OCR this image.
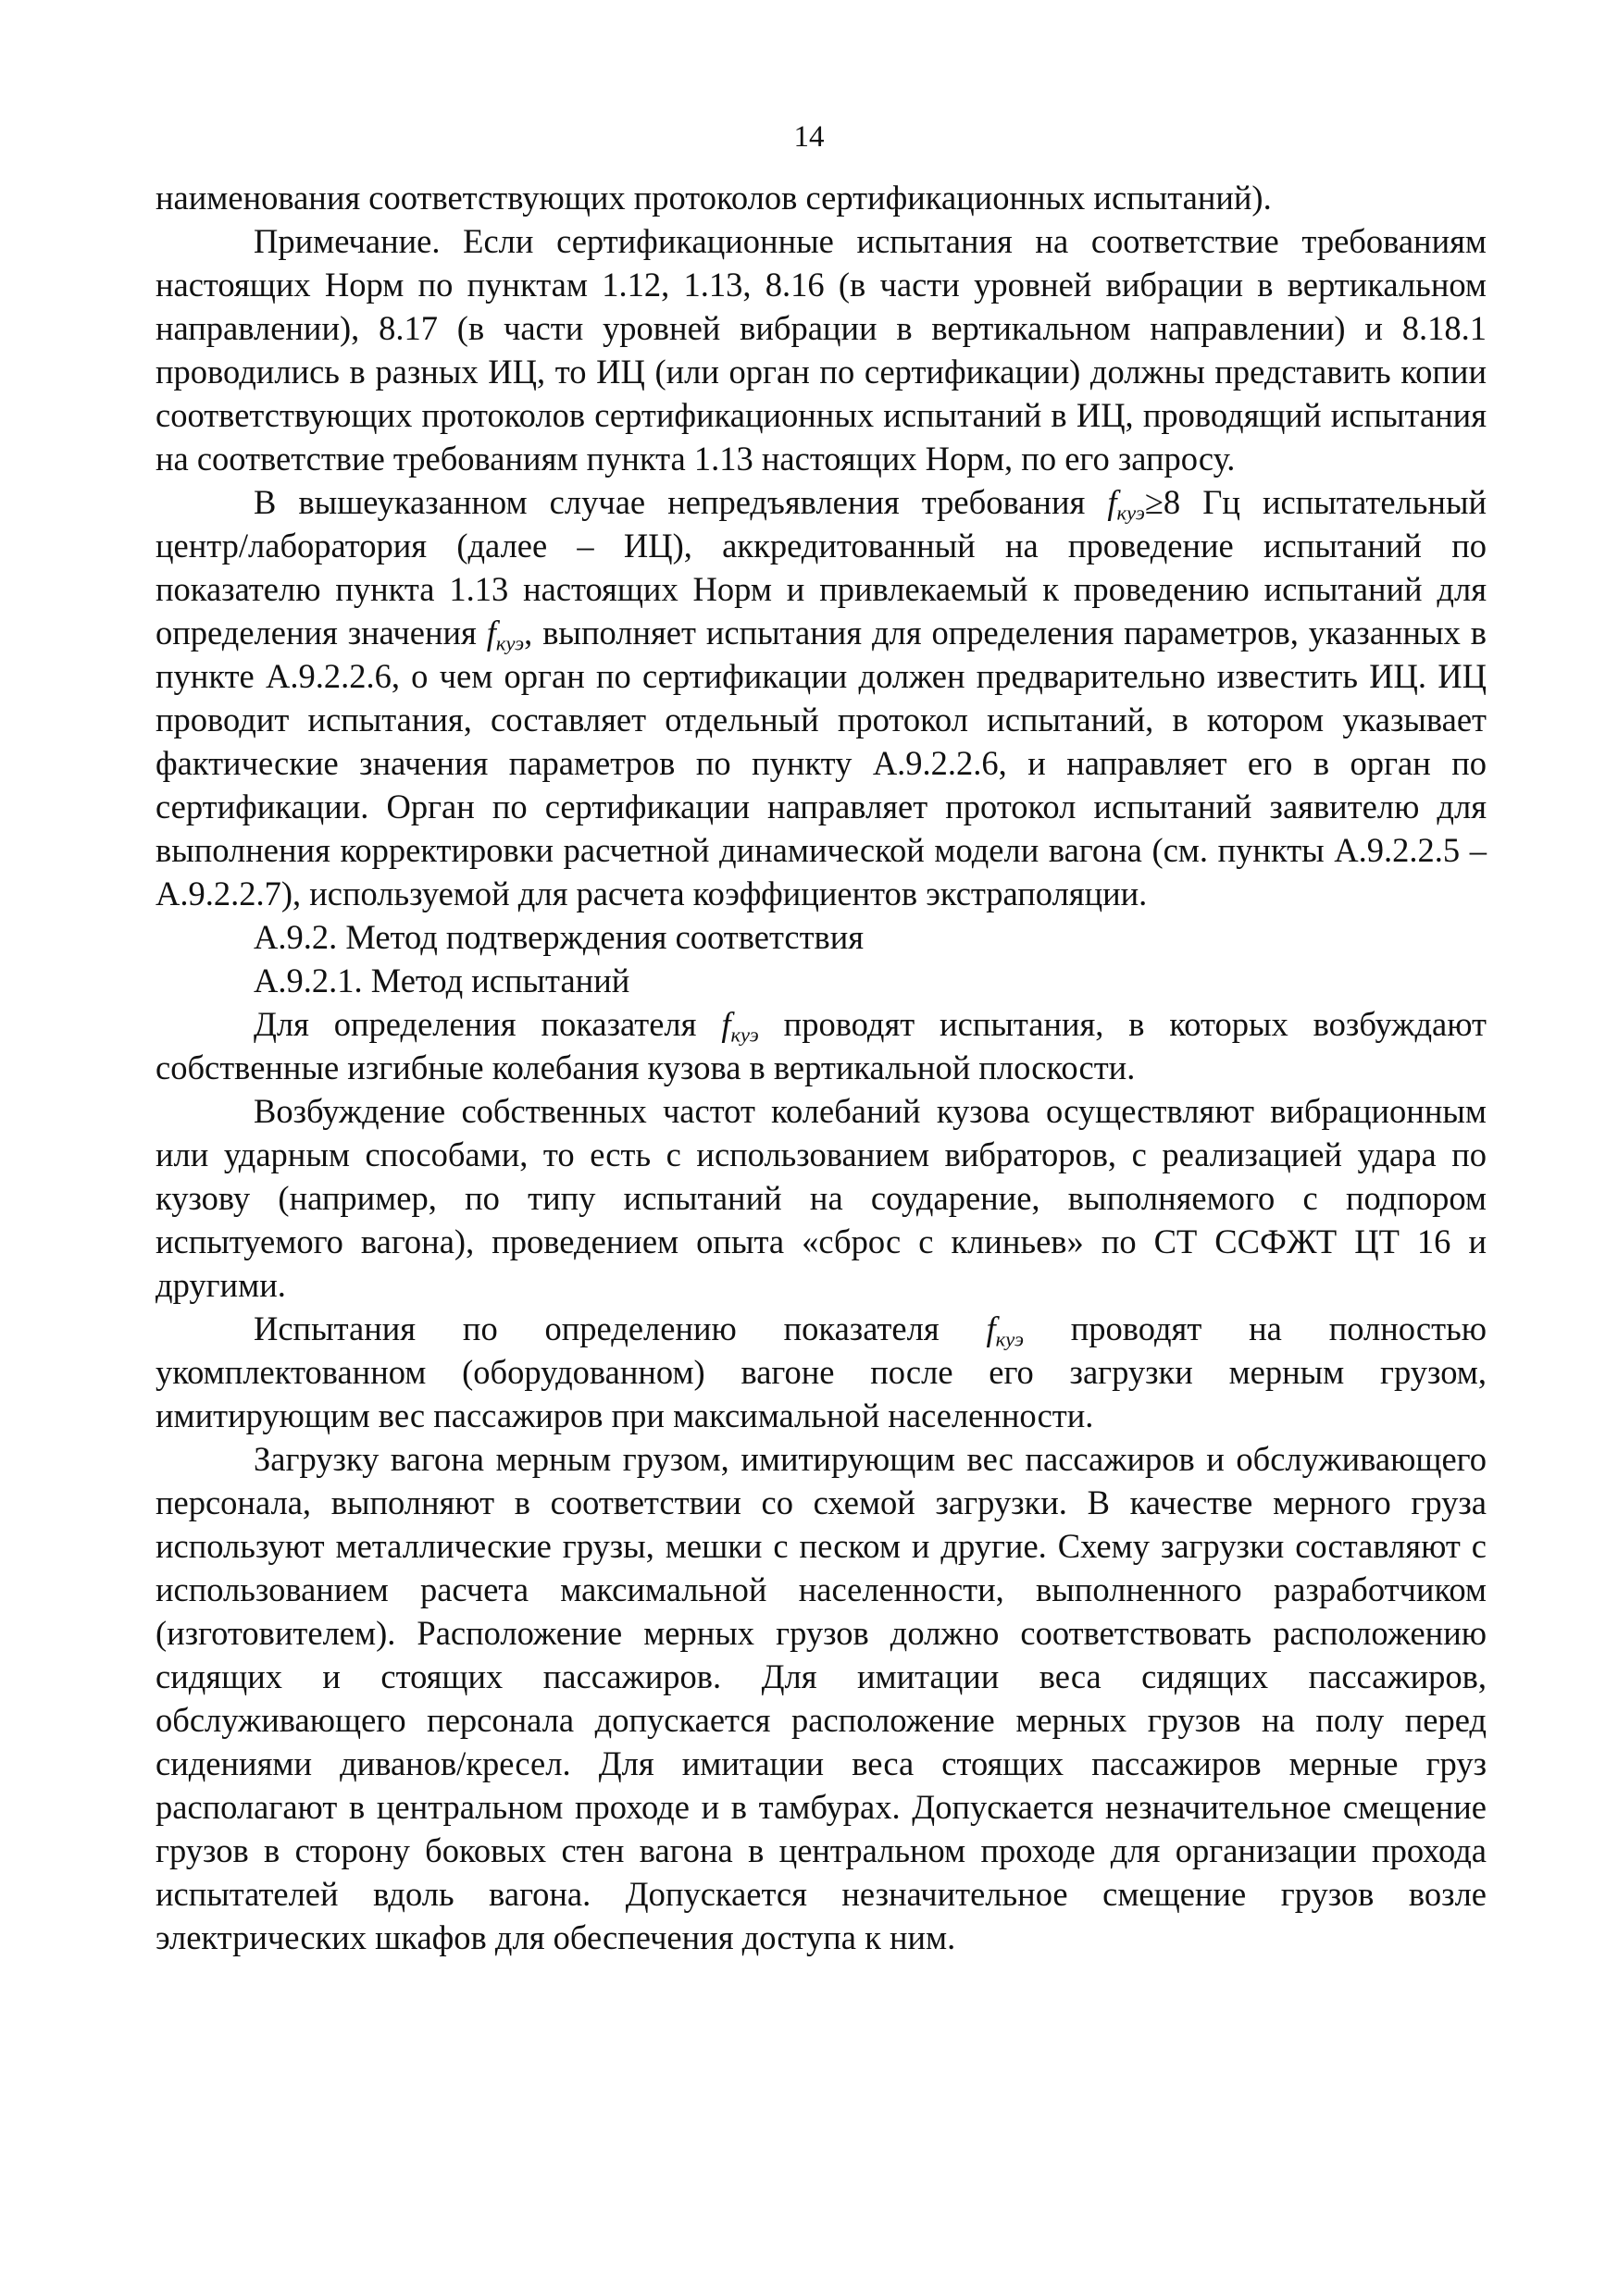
14

наименования соответствующих протоколов сертификационных испытаний).

Примечание. Если сертификационные испытания на соответствие требованиям настоящих Норм по пунктам 1.12, 1.13, 8.16 (в части уровней вибрации в вертикальном направлении), 8.17 (в части уровней вибрации в вертикальном направлении) и 8.18.1 проводились в разных ИЦ, то ИЦ (или орган по сертификации) должны представить копии соответствующих протоколов сертификационных испытаний в ИЦ, проводящий испытания на соответствие требованиям пункта 1.13 настоящих Норм, по его запросу.

В вышеуказанном случае непредъявления требования $f_{куэ}\ge 8$ Гц испытательный центр/лаборатория (далее – ИЦ), аккредитованный на проведение испытаний по показателю пункта 1.13 настоящих Норм и привлекаемый к проведению испытаний для определения значения $f_{куэ}$, выполняет испытания для определения параметров, указанных в пункте А.9.2.2.6, о чем орган по сертификации должен предварительно известить ИЦ. ИЦ проводит испытания, составляет отдельный протокол испытаний, в котором указывает фактические значения параметров по пункту А.9.2.2.6, и направляет его в орган по сертификации. Орган по сертификации направляет протокол испытаний заявителю для выполнения корректировки расчетной динамической модели вагона (см. пункты А.9.2.2.5 – А.9.2.2.7), используемой для расчета коэффициентов экстраполяции.

А.9.2. Метод подтверждения соответствия

А.9.2.1. Метод испытаний

Для определения показателя $f_{куэ}$ проводят испытания, в которых возбуждают собственные изгибные колебания кузова в вертикальной плоскости.

Возбуждение собственных частот колебаний кузова осуществляют вибрационным или ударным способами, то есть с использованием вибраторов, с реализацией удара по кузову (например, по типу испытаний на соударение, выполняемого с подпором испытуемого вагона), проведением опыта «сброс с клиньев» по СТ ССФЖТ ЦТ 16 и другими.

Испытания по определению показателя $f_{куэ}$ проводят на полностью укомплектованном (оборудованном) вагоне после его загрузки мерным грузом, имитирующим вес пассажиров при максимальной населенности.

Загрузку вагона мерным грузом, имитирующим вес пассажиров и обслуживающего персонала, выполняют в соответствии со схемой загрузки. В качестве мерного груза используют металлические грузы, мешки с песком и другие. Схему загрузки составляют с использованием расчета максимальной населенности, выполненного разработчиком (изготовителем). Расположение мерных грузов должно соответствовать расположению сидящих и стоящих пассажиров. Для имитации веса сидящих пассажиров, обслуживающего персонала допускается расположение мерных грузов на полу перед сидениями диванов/кресел. Для имитации веса стоящих пассажиров мерные груз располагают в центральном проходе и в тамбурах. Допускается незначительное смещение грузов в сторону боковых стен вагона в центральном проходе для организации прохода испытателей вдоль вагона. Допускается незначительное смещение грузов возле электрических шкафов для обеспечения доступа к ним.
